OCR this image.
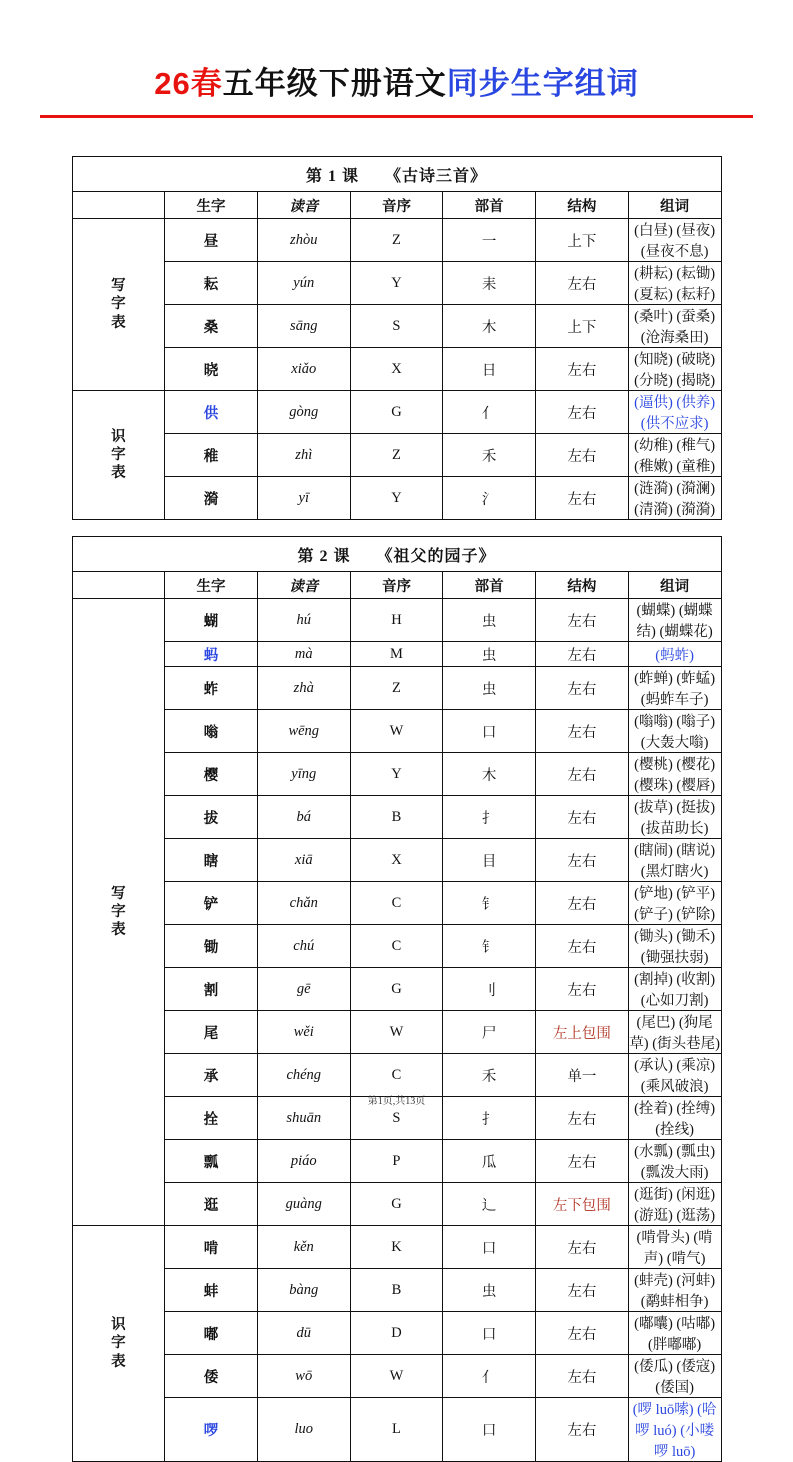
26春五年级下册语文同步生字组词
第 1 课 《古诗三首》						
	生字	读音	音序	部首	结构	组词

写
字
表	昼	zhòu	Z	一	上下	(白昼) (昼夜) (昼夜不息)
	耘	yún	Y	耒	左右	(耕耘) (耘锄) (夏耘) (耘耔)
	桑	sāng	S	木	上下	(桑叶) (蚕桑) (沧海桑田)
	晓	xiǎo	X	日	左右	(知晓) (破晓) (分晓) (揭晓)

识
字
表	供	gòng	G	亻	左右	(逼供) (供养) (供不应求)
	稚	zhì	Z	禾	左右	(幼稚) (稚气) (稚嫩) (童稚)
	漪	yī	Y	氵	左右	(涟漪) (漪澜) (清漪) (漪漪)
第 2 课 《祖父的园子》						
	生字	读音	音序	部首	结构	组词

写
字
表	蝴	hú	H	虫	左右	(蝴蝶) (蝴蝶结) (蝴蝶花)
	蚂	mà	M	虫	左右	(蚂蚱)
	蚱	zhà	Z	虫	左右	(蚱蝉) (蚱蜢) (蚂蚱车子)
	嗡	wēng	W	口	左右	(嗡嗡) (嗡子) (大轰大嗡)
	樱	yīng	Y	木	左右	(樱桃) (樱花) (樱珠) (樱唇)
	拔	bá	B	扌	左右	(拔草) (挺拔) (拔苗助长)
	瞎	xiā	X	目	左右	(瞎闹) (瞎说) (黑灯瞎火)
	铲	chǎn	C	钅	左右	(铲地) (铲平) (铲子) (铲除)
	锄	chú	C	钅	左右	(锄头) (锄禾) (锄强扶弱)
	割	gē	G	刂	左右	(割掉) (收割) (心如刀割)
	尾	wěi	W	尸	左上包围	(尾巴) (狗尾草) (街头巷尾)
	承	chéng	C	禾	单一	(承认) (乘凉) (乘风破浪)
	拴	shuān	S	扌	左右	(拴着) (拴缚) (拴线)
	瓢	piáo	P	瓜	左右	(水瓢) (瓢虫) (瓢泼大雨)
	逛	guàng	G	辶	左下包围	(逛街) (闲逛) (游逛) (逛荡)

识
字
表	啃	kěn	K	口	左右	(啃骨头) (啃声) (啃气)
	蚌	bàng	B	虫	左右	(蚌壳) (河蚌) (鹬蚌相争)
	嘟	dū	D	口	左右	(嘟囔) (咕嘟) (胖嘟嘟)
	倭	wō	W	亻	左右	(倭瓜) (倭寇) (倭国)
	啰	luo	L	口	左右	(啰 luō嗦) (哈啰 luó) (小喽啰 luō)
第1页,共13页
